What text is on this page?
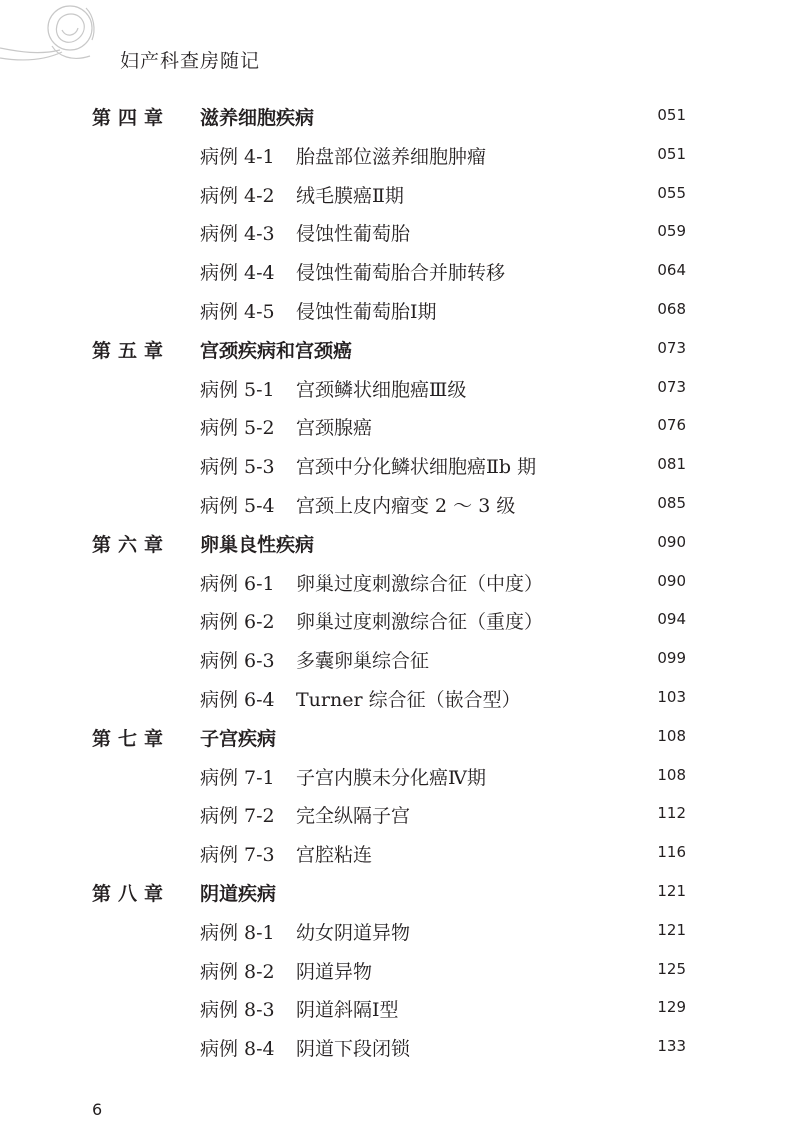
妇产科查房随记
第四章 滋养细胞疾病	051
病例 4-1 胎盘部位滋养细胞肿瘤	051
病例 4-2 绒毛膜癌Ⅱ期	055
病例 4-3 侵蚀性葡萄胎	059
病例 4-4 侵蚀性葡萄胎合并肺转移	064
病例 4-5 侵蚀性葡萄胎Ⅰ期	068
第五章 宫颈疾病和宫颈癌	073
病例 5-1 宫颈鳞状细胞癌Ⅲ级	073
病例 5-2 宫颈腺癌	076
病例 5-3 宫颈中分化鳞状细胞癌Ⅱb 期	081
病例 5-4 宫颈上皮内瘤变 2 ～ 3 级	085
第六章 卵巢良性疾病	090
病例 6-1 卵巢过度刺激综合征（中度）	090
病例 6-2 卵巢过度刺激综合征（重度）	094
病例 6-3 多囊卵巢综合征	099
病例 6-4 Turner 综合征（嵌合型）	103
第七章 子宫疾病	108
病例 7-1 子宫内膜未分化癌Ⅳ期	108
病例 7-2 完全纵隔子宫	112
病例 7-3 宫腔粘连	116
第八章 阴道疾病	121
病例 8-1 幼女阴道异物	121
病例 8-2 阴道异物	125
病例 8-3 阴道斜隔Ⅰ型	129
病例 8-4 阴道下段闭锁	133
6
